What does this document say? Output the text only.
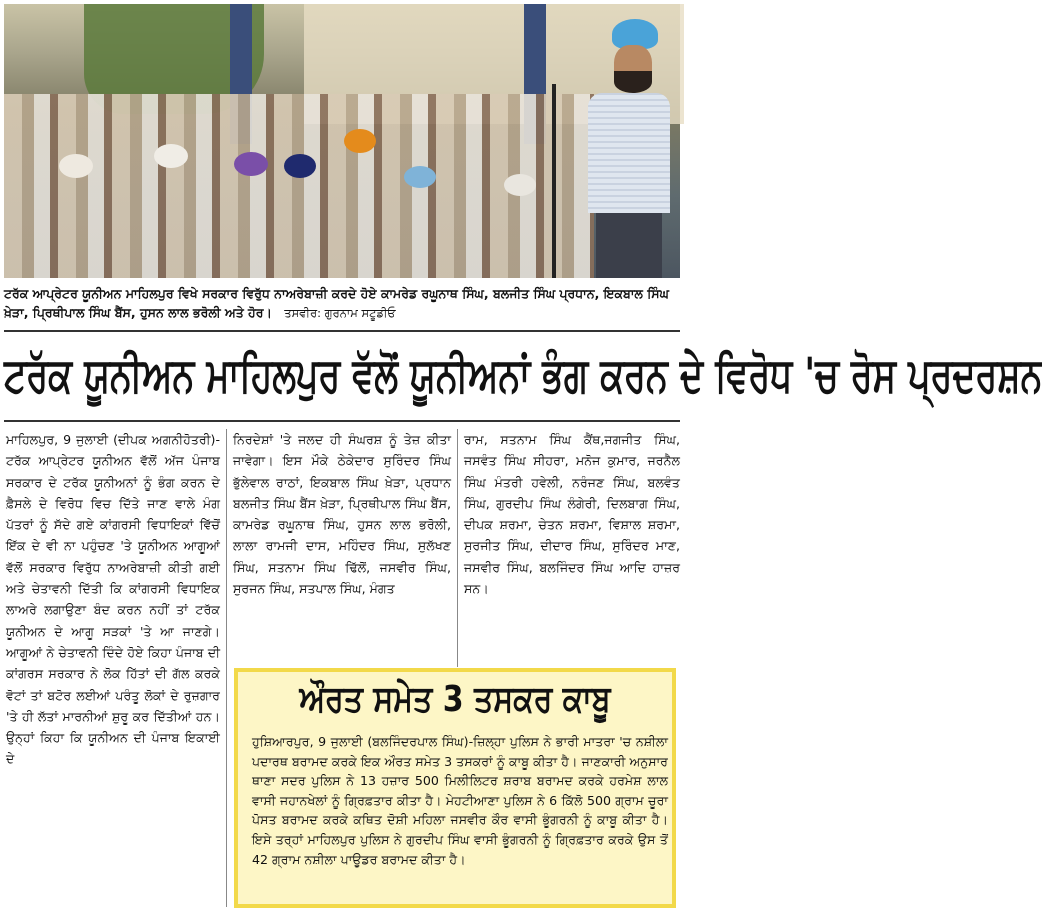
ਟਰੱਕ ਆਪ੍ਰੇਟਰ ਯੂਨੀਅਨ ਮਾਹਿਲਪੁਰ ਵਿਖੇ ਸਰਕਾਰ ਵਿਰੁੱਧ ਨਾਅਰੇਬਾਜ਼ੀ ਕਰਦੇ ਹੋਏ ਕਾਮਰੇਡ ਰਘੂਨਾਥ ਸਿੰਘ, ਬਲਜੀਤ ਸਿੰਘ ਪ੍ਰਧਾਨ, ਇਕਬਾਲ ਸਿੰਘ ਖ਼ੇੜਾ, ਪ੍ਰਿਥੀਪਾਲ ਸਿੰਘ ਬੈਂਸ, ਹੁਸਨ ਲਾਲ ਭਰੋਲੀ ਅਤੇ ਹੋਰ। ਤਸਵੀਰ: ਗੁਰਨਾਮ ਸਟੂਡੀਓ
ਟਰੱਕ ਯੂਨੀਅਨ ਮਾਹਿਲਪੁਰ ਵੱਲੋਂ ਯੂਨੀਅਨਾਂ ਭੰਗ ਕਰਨ ਦੇ ਵਿਰੋਧ 'ਚ ਰੋਸ ਪ੍ਰਦਰਸ਼ਨ
ਮਾਹਿਲਪੁਰ, 9 ਜੁਲਾਈ (ਦੀਪਕ ਅਗਨੀਹੋਤਰੀ)-ਟਰੱਕ ਆਪ੍ਰੇਟਰ ਯੂਨੀਅਨ ਵੱਲੋਂ ਅੱਜ ਪੰਜਾਬ ਸਰਕਾਰ ਦੇ ਟਰੱਕ ਯੂਨੀਅਨਾਂ ਨੂੰ ਭੰਗ ਕਰਨ ਦੇ ਫ਼ੈਸਲੇ ਦੇ ਵਿਰੋਧ ਵਿਚ ਦਿੱਤੇ ਜਾਣ ਵਾਲੇ ਮੰਗ ਪੱਤਰਾਂ ਨੂੰ ਸੱਦੇ ਗਏ ਕਾਂਗਰਸੀ ਵਿਧਾਇਕਾਂ ਵਿੱਚੋਂ ਇੱਕ ਦੇ ਵੀ ਨਾ ਪਹੁੰਚਣ 'ਤੇ ਯੂਨੀਅਨ ਆਗੂਆਂ ਵੱਲੋਂ ਸਰਕਾਰ ਵਿਰੁੱਧ ਨਾਅਰੇਬਾਜ਼ੀ ਕੀਤੀ ਗਈ ਅਤੇ ਚੇਤਾਵਨੀ ਦਿੱਤੀ ਕਿ ਕਾਂਗਰਸੀ ਵਿਧਾਇਕ ਲਾਅਰੇ ਲਗਾਉਣਾ ਬੰਦ ਕਰਨ ਨਹੀਂ ਤਾਂ ਟਰੱਕ ਯੂਨੀਅਨ ਦੇ ਆਗੂ ਸੜਕਾਂ 'ਤੇ ਆ ਜਾਣਗੇ। ਆਗੂਆਂ ਨੇ ਚੇਤਾਵਨੀ ਦਿੰਦੇ ਹੋਏ ਕਿਹਾ ਪੰਜਾਬ ਦੀ ਕਾਂਗਰਸ ਸਰਕਾਰ ਨੇ ਲੋਕ ਹਿੱਤਾਂ ਦੀ ਗੱਲ ਕਰਕੇ ਵੋਟਾਂ ਤਾਂ ਬਟੋਰ ਲਈਆਂ ਪਰੰਤੂ ਲੋਕਾਂ ਦੇ ਰੁਜ਼ਗਾਰ 'ਤੇ ਹੀ ਲੱਤਾਂ ਮਾਰਨੀਆਂ ਸ਼ੁਰੂ ਕਰ ਦਿੱਤੀਆਂ ਹਨ। ਉਨ੍ਹਾਂ ਕਿਹਾ ਕਿ ਯੂਨੀਅਨ ਦੀ ਪੰਜਾਬ ਇਕਾਈ ਦੇ
ਨਿਰਦੇਸ਼ਾਂ 'ਤੇ ਜਲਦ ਹੀ ਸੰਘਰਸ਼ ਨੂੰ ਤੇਜ਼ ਕੀਤਾ ਜਾਵੇਗਾ। ਇਸ ਮੌਕੇ ਠੇਕੇਦਾਰ ਸੁਰਿੰਦਰ ਸਿੰਘ ਭੁੱਲੇਵਾਲ ਰਾਠਾਂ, ਇਕਬਾਲ ਸਿੰਘ ਖ਼ੇੜਾ, ਪ੍ਰਧਾਨ ਬਲਜੀਤ ਸਿੰਘ ਬੈਂਸ ਖ਼ੇੜਾ, ਪ੍ਰਿਥੀਪਾਲ ਸਿੰਘ ਬੈਂਸ, ਕਾਮਰੇਡ ਰਘੂਨਾਥ ਸਿੰਘ, ਹੁਸਨ ਲਾਲ ਭਰੋਲੀ, ਲਾਲਾ ਰਾਮਜੀ ਦਾਸ, ਮਹਿੰਦਰ ਸਿੰਘ, ਸੁਲੱਖਣ ਸਿੰਘ, ਸਤਨਾਮ ਸਿੰਘ ਢਿੱਲੋਂ, ਜਸਵੀਰ ਸਿੰਘ, ਸੁਰਜਨ ਸਿੰਘ, ਸਤਪਾਲ ਸਿੰਘ, ਮੰਗਤ
ਰਾਮ, ਸਤਨਾਮ ਸਿੰਘ ਕੈਂਥ,ਜਗਜੀਤ ਸਿੰਘ, ਜਸਵੰਤ ਸਿੰਘ ਸੀਹਰਾ, ਮਨੋਜ ਕੁਮਾਰ, ਜਰਨੈਲ ਸਿੰਘ ਮੰਤਰੀ ਹਵੇਲੀ, ਨਰੰਜਣ ਸਿੰਘ, ਬਲਵੰਤ ਸਿੰਘ, ਗੁਰਦੀਪ ਸਿੰਘ ਲੰਗੇਰੀ, ਦਿਲਬਾਗ ਸਿੰਘ, ਦੀਪਕ ਸ਼ਰਮਾ, ਚੇਤਨ ਸ਼ਰਮਾ, ਵਿਸ਼ਾਲ ਸ਼ਰਮਾ, ਸੁਰਜੀਤ ਸਿੰਘ, ਦੀਦਾਰ ਸਿੰਘ, ਸੁਰਿੰਦਰ ਮਾਣ, ਜਸਵੀਰ ਸਿੰਘ, ਬਲਜਿੰਦਰ ਸਿੰਘ ਆਦਿ ਹਾਜ਼ਰ ਸਨ।
ਔਰਤ ਸਮੇਤ 3 ਤਸਕਰ ਕਾਬੂ
ਹੁਸ਼ਿਆਰਪੁਰ, 9 ਜੁਲਾਈ (ਬਲਜਿੰਦਰਪਾਲ ਸਿੰਘ)-ਜ਼ਿਲ੍ਹਾ ਪੁਲਿਸ ਨੇ ਭਾਰੀ ਮਾਤਰਾ 'ਚ ਨਸ਼ੀਲਾ ਪਦਾਰਥ ਬਰਾਮਦ ਕਰਕੇ ਇਕ ਔਰਤ ਸਮੇਤ 3 ਤਸਕਰਾਂ ਨੂੰ ਕਾਬੂ ਕੀਤਾ ਹੈ। ਜਾਣਕਾਰੀ ਅਨੁਸਾਰ ਥਾਣਾ ਸਦਰ ਪੁਲਿਸ ਨੇ 13 ਹਜ਼ਾਰ 500 ਮਿਲੀਲਿਟਰ ਸ਼ਰਾਬ ਬਰਾਮਦ ਕਰਕੇ ਹਰਮੇਸ਼ ਲਾਲ ਵਾਸੀ ਜਹਾਨਖੇਲਾਂ ਨੂੰ ਗ੍ਰਿਫ਼ਤਾਰ ਕੀਤਾ ਹੈ। ਮੇਹਟੀਆਣਾ ਪੁਲਿਸ ਨੇ 6 ਕਿੱਲੋ 500 ਗ੍ਰਾਮ ਚੂਰਾ ਪੋਸਤ ਬਰਾਮਦ ਕਰਕੇ ਕਥਿਤ ਦੋਸ਼ੀ ਮਹਿਲਾ ਜਸਵੀਰ ਕੌਰ ਵਾਸੀ ਭੂੰਗਰਨੀ ਨੂੰ ਕਾਬੂ ਕੀਤਾ ਹੈ। ਇਸੇ ਤਰ੍ਹਾਂ ਮਾਹਿਲਪੁਰ ਪੁਲਿਸ ਨੇ ਗੁਰਦੀਪ ਸਿੰਘ ਵਾਸੀ ਭੂੰਗਰਨੀ ਨੂੰ ਗ੍ਰਿਫ਼ਤਾਰ ਕਰਕੇ ਉਸ ਤੋਂ 42 ਗ੍ਰਾਮ ਨਸ਼ੀਲਾ ਪਾਊਡਰ ਬਰਾਮਦ ਕੀਤਾ ਹੈ।
